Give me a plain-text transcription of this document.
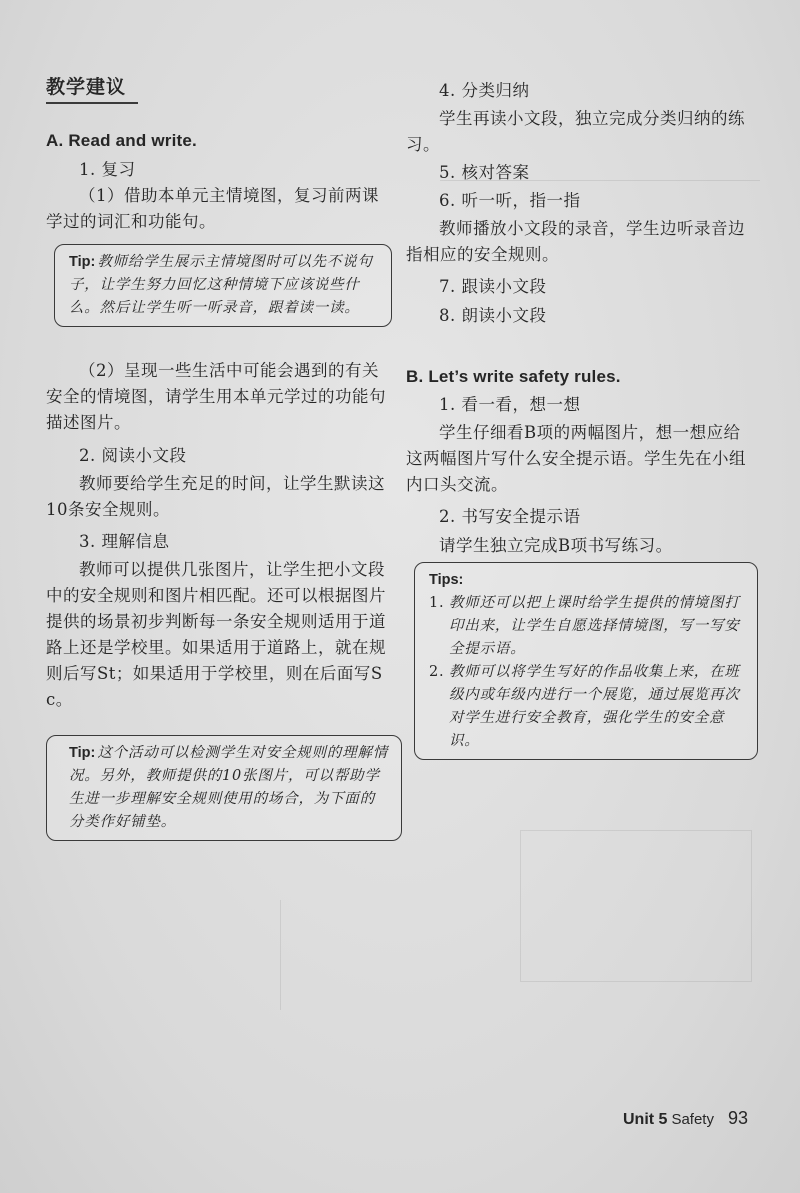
教学建议
A. Read and write.
1. 复习
（1）借助本单元主情境图，复习前两课学过的词汇和功能句。
Tip: 教师给学生展示主情境图时可以先不说句子，让学生努力回忆这种情境下应该说些什么。然后让学生听一听录音，跟着读一读。
（2）呈现一些生活中可能会遇到的有关安全的情境图，请学生用本单元学过的功能句描述图片。
2. 阅读小文段
教师要给学生充足的时间，让学生默读这10条安全规则。
3. 理解信息
教师可以提供几张图片，让学生把小文段中的安全规则和图片相匹配。还可以根据图片提供的场景初步判断每一条安全规则适用于道路上还是学校里。如果适用于道路上，就在规则后写St；如果适用于学校里，则在后面写Sc。
Tip: 这个活动可以检测学生对安全规则的理解情况。另外，教师提供的10张图片，可以帮助学生进一步理解安全规则使用的场合，为下面的分类作好铺垫。
4. 分类归纳
学生再读小文段，独立完成分类归纳的练习。
5. 核对答案
6. 听一听，指一指
教师播放小文段的录音，学生边听录音边指相应的安全规则。
7. 跟读小文段
8. 朗读小文段
B. Let’s write safety rules.
1. 看一看，想一想
学生仔细看B项的两幅图片，想一想应给这两幅图片写什么安全提示语。学生先在小组内口头交流。
2. 书写安全提示语
请学生独立完成B项书写练习。
Tips:
1. 教师还可以把上课时给学生提供的情境图打印出来，让学生自愿选择情境图，写一写安全提示语。
2. 教师可以将学生写好的作品收集上来，在班级内或年级内进行一个展览，通过展览再次对学生进行安全教育，强化学生的安全意识。
Unit 5 Safety 93
